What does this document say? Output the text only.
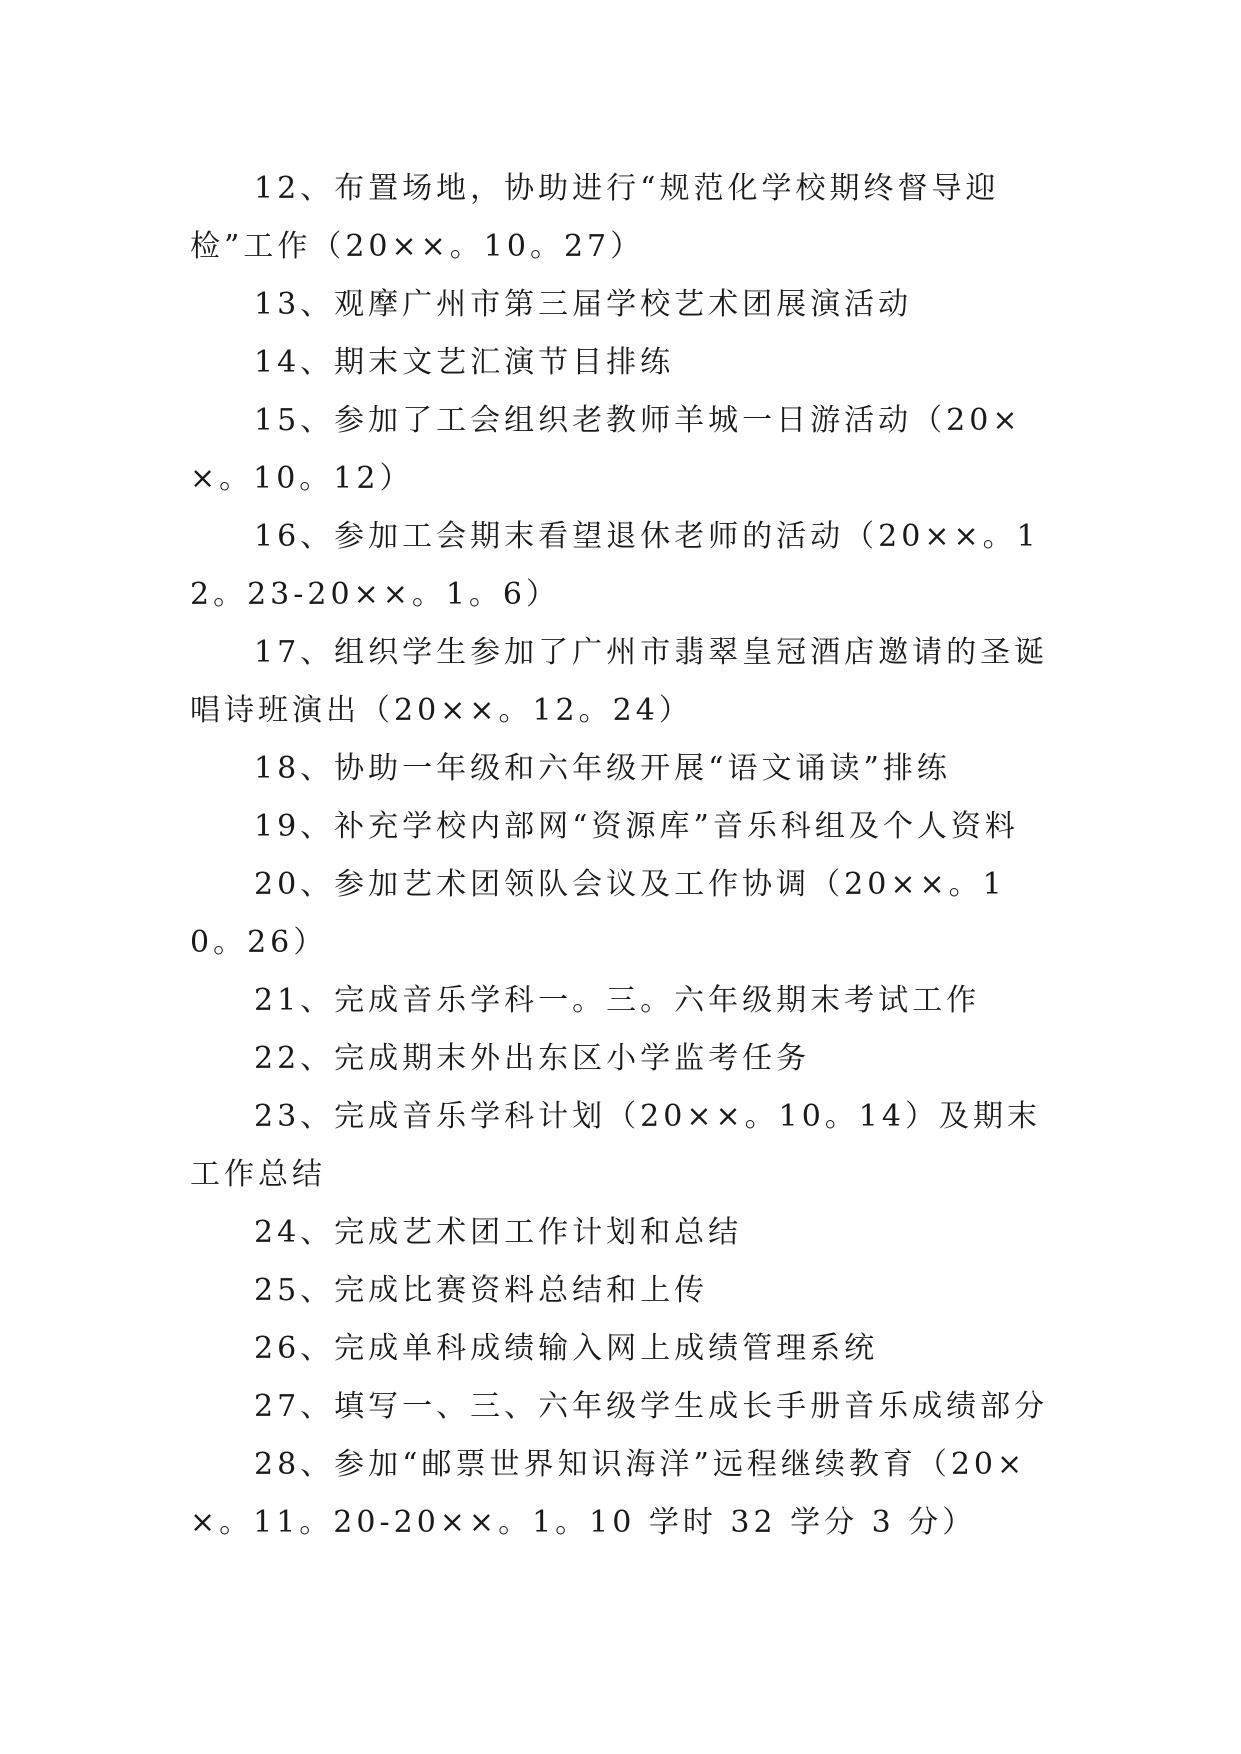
12、布置场地，协助进行“规范化学校期终督导迎检”工作（20××。10。27）

13、观摩广州市第三届学校艺术团展演活动

14、期末文艺汇演节目排练

15、参加了工会组织老教师羊城一日游活动（20××。10。12）

16、参加工会期末看望退休老师的活动（20××。12。23-20××。1。6）

17、组织学生参加了广州市翡翠皇冠酒店邀请的圣诞唱诗班演出（20××。12。24）

18、协助一年级和六年级开展“语文诵读”排练

19、补充学校内部网“资源库”音乐科组及个人资料

20、参加艺术团领队会议及工作协调（20××。10。26）

21、完成音乐学科一。三。六年级期末考试工作

22、完成期末外出东区小学监考任务

23、完成音乐学科计划（20××。10。14）及期末工作总结

24、完成艺术团工作计划和总结

25、完成比赛资料总结和上传

26、完成单科成绩输入网上成绩管理系统

27、填写一、三、六年级学生成长手册音乐成绩部分

28、参加“邮票世界知识海洋”远程继续教育（20××。11。20-20××。1。10 学时 32 学分 3 分）
